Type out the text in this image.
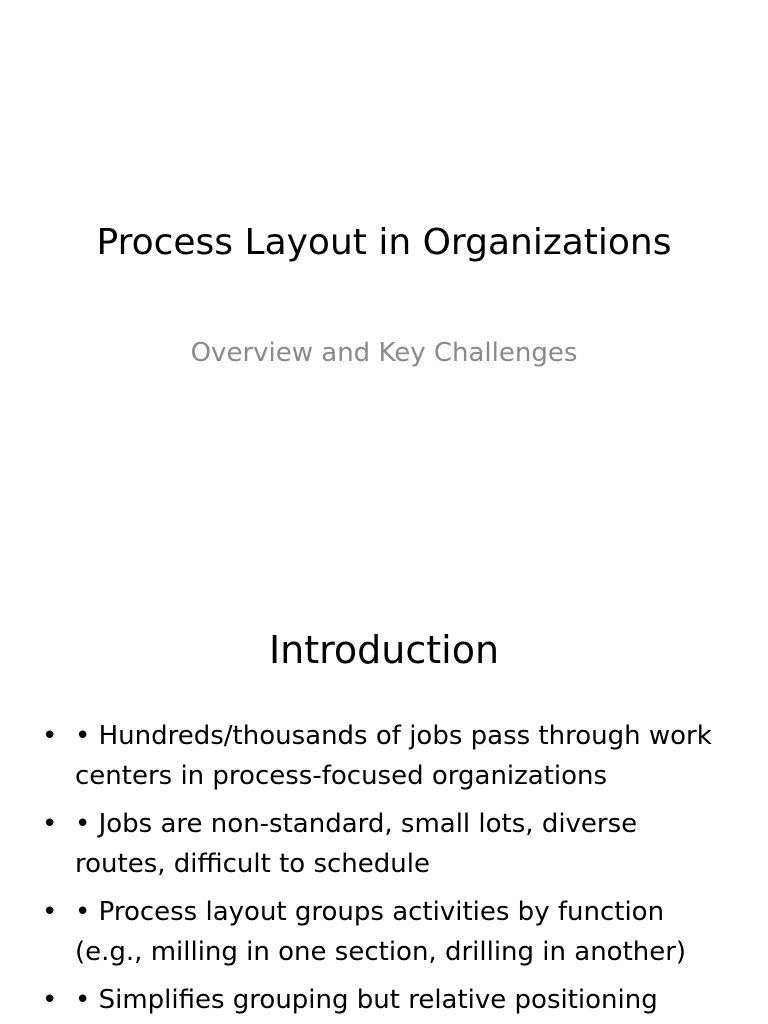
Process Layout in Organizations
Overview and Key Challenges
Introduction
• • Hundreds/thousands of jobs pass through work centers in process-focused organizations
• • Jobs are non-standard, small lots, diverse routes, difficult to schedule
• • Process layout groups activities by function (e.g., milling in one section, drilling in another)
• • Simplifies grouping but relative positioning
